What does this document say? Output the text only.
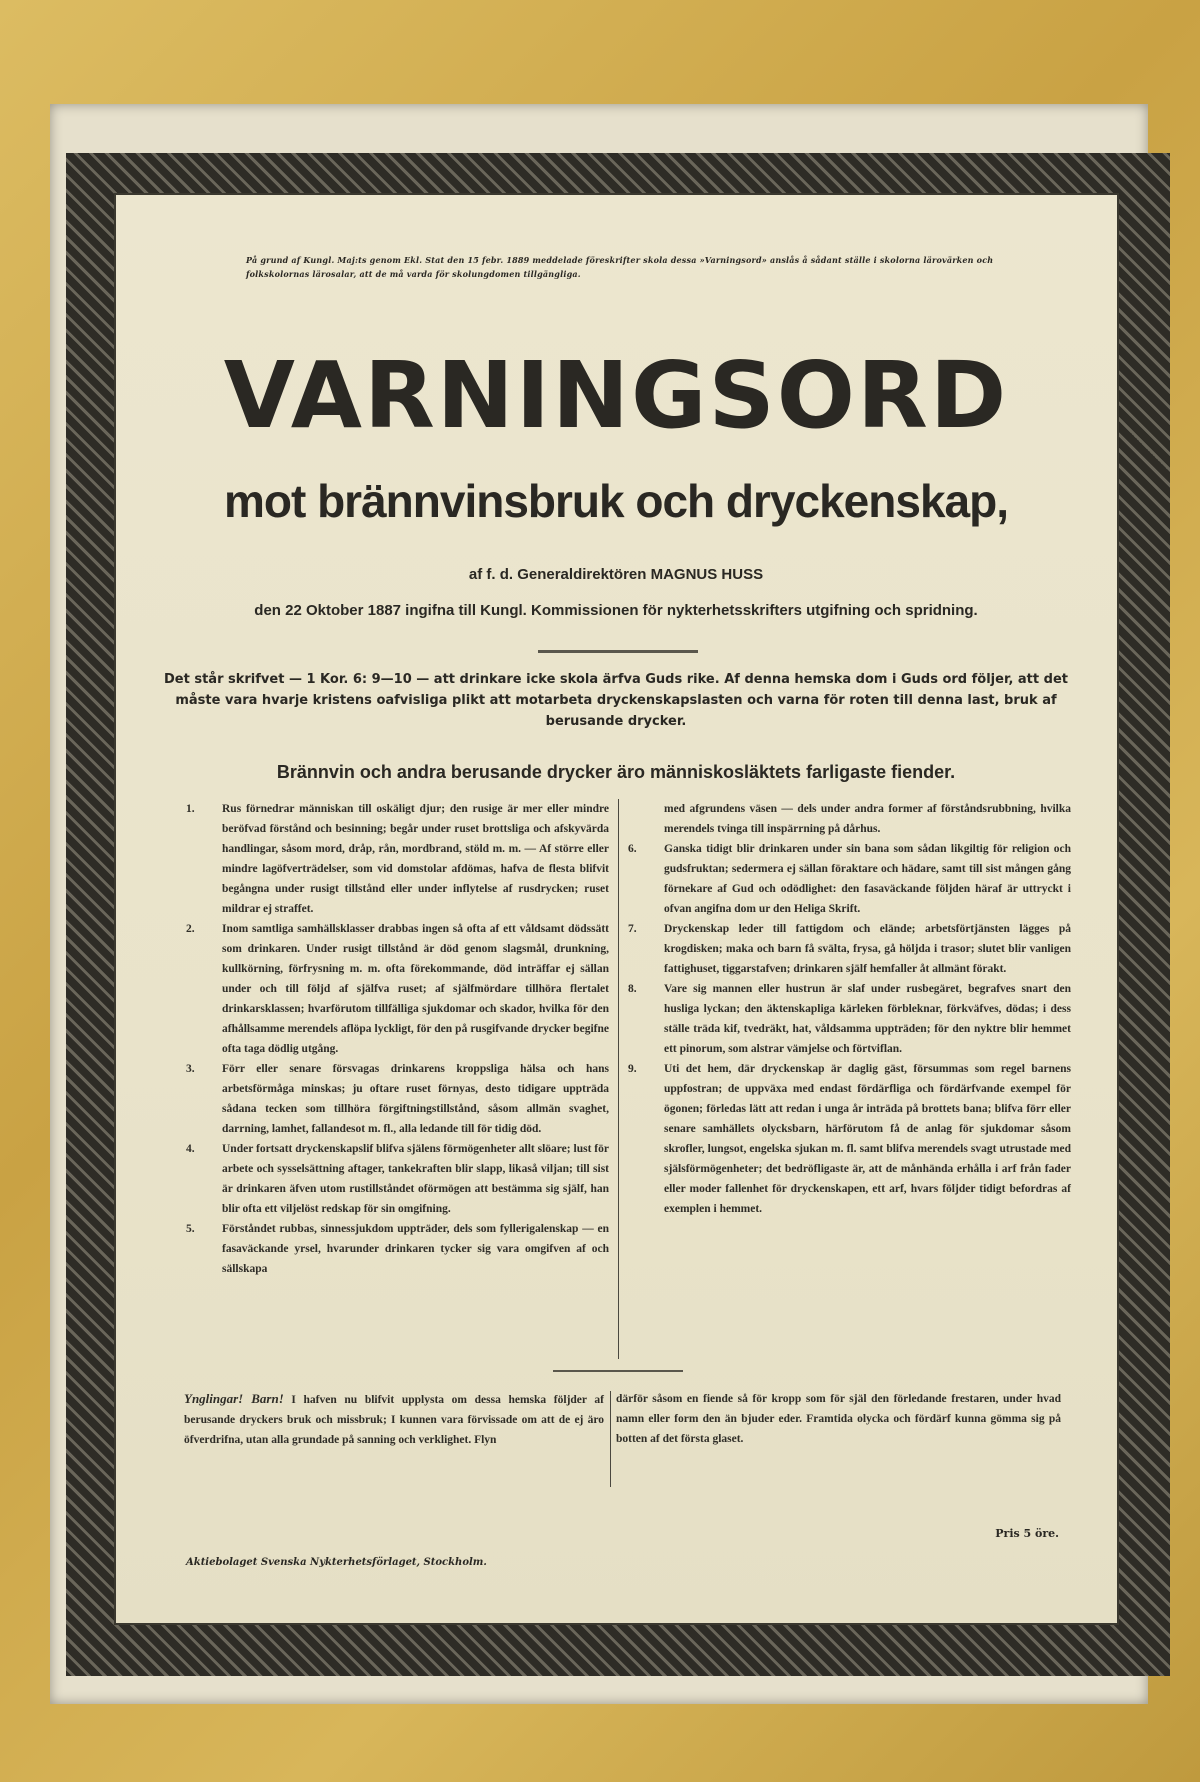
På grund af Kungl. Maj:ts genom Ekl. Stat den 15 febr. 1889 meddelade föreskrifter skola dessa »Varningsord» anslås å sådant ställe i skolorna lärovärken och folkskolornas lärosalar, att de må varda för skolungdomen tillgängliga.
VARNINGSORD
mot brännvinsbruk och dryckenskap,
af f. d. Generaldirektören MAGNUS HUSS
den 22 Oktober 1887 ingifna till Kungl. Kommissionen för nykterhetsskrifters utgifning och spridning.
Det står skrifvet — 1 Kor. 6: 9—10 — att drinkare icke skola ärfva Guds rike. Af denna hemska dom i Guds ord följer, att det måste vara hvarje kristens oafvisliga plikt att motarbeta dryckenskapslasten och varna för roten till denna last, bruk af berusande drycker.
Brännvin och andra berusande drycker äro människosläktets farligaste fiender.

1. Rus förnedrar människan till oskäligt djur; den rusige är mer eller mindre beröfvad förstånd och besinning; begår under ruset brottsliga och afskyvärda handlingar, såsom mord, dråp, rån, mordbrand, stöld m. m. — Af större eller mindre lagöfverträdelser, som vid domstolar afdömas, hafva de flesta blifvit begångna under rusigt tillstånd eller under inflytelse af rusdrycken; ruset mildrar ej straffet.

2. Inom samtliga samhällsklasser drabbas ingen så ofta af ett våldsamt dödssätt som drinkaren. Under rusigt tillstånd är död genom slagsmål, drunkning, kullkörning, förfrysning m. m. ofta förekommande, död inträffar ej sällan under och till följd af själfva ruset; af själfmördare tillhöra flertalet drinkarsklassen; hvarförutom tillfälliga sjukdomar och skador, hvilka för den afhållsamme merendels aflöpa lyckligt, för den på rusgifvande drycker begifne ofta taga dödlig utgång.

3. Förr eller senare försvagas drinkarens kroppsliga hälsa och hans arbetsförmåga minskas; ju oftare ruset förnyas, desto tidigare uppträda sådana tecken som tillhöra förgiftningstillstånd, såsom allmän svaghet, darrning, lamhet, fallandesot m. fl., alla ledande till för tidig död.

4. Under fortsatt dryckenskapslif blifva själens förmögenheter allt slöare; lust för arbete och sysselsättning aftager, tankekraften blir slapp, likaså viljan; till sist är drinkaren äfven utom rustillståndet oförmögen att bestämma sig själf, han blir ofta ett viljelöst redskap för sin omgifning.

5. Förståndet rubbas, sinnessjukdom uppträder, dels som fyllerigalenskap — en fasaväckande yrsel, hvarunder drinkaren tycker sig vara omgifven af och sällskapa

med afgrundens väsen — dels under andra former af förståndsrubbning, hvilka merendels tvinga till inspärrning på dårhus.

6. Ganska tidigt blir drinkaren under sin bana som sådan likgiltig för religion och gudsfruktan; sedermera ej sällan föraktare och hädare, samt till sist mången gång förnekare af Gud och odödlighet: den fasaväckande följden häraf är uttryckt i ofvan angifna dom ur den Heliga Skrift.

7. Dryckenskap leder till fattigdom och elände; arbetsförtjänsten lägges på krogdisken; maka och barn få svälta, frysa, gå höljda i trasor; slutet blir vanligen fattighuset, tiggarstafven; drinkaren själf hemfaller åt allmänt förakt.

8. Vare sig mannen eller hustrun är slaf under rusbegäret, begrafves snart den husliga lyckan; den äktenskapliga kärleken förbleknar, förkväfves, dödas; i dess ställe träda kif, tvedräkt, hat, våldsamma uppträden; för den nyktre blir hemmet ett pinorum, som alstrar vämjelse och förtviflan.

9. Uti det hem, där dryckenskap är daglig gäst, försummas som regel barnens uppfostran; de uppväxa med endast fördärfliga och fördärfvande exempel för ögonen; förledas lätt att redan i unga år inträda på brottets bana; blifva förr eller senare samhällets olycksbarn, härförutom få de anlag för sjukdomar såsom skrofler, lungsot, engelska sjukan m. fl. samt blifva merendels svagt utrustade med själsförmögenheter; det bedröfligaste är, att de månhända erhålla i arf från fader eller moder fallenhet för dryckenskapen, ett arf, hvars följder tidigt befordras af exemplen i hemmet.

Ynglingar! Barn! I hafven nu blifvit upplysta om dessa hemska följder af berusande dryckers bruk och missbruk; I kunnen vara förvissade om att de ej äro öfverdrifna, utan alla grundade på sanning och verklighet. Flyn
därför såsom en fiende så för kropp som för själ den förledande frestaren, under hvad namn eller form den än bjuder eder. Framtida olycka och fördärf kunna gömma sig på botten af det första glaset.
Pris 5 öre.
Aktiebolaget Svenska Nykterhetsförlaget, Stockholm.
